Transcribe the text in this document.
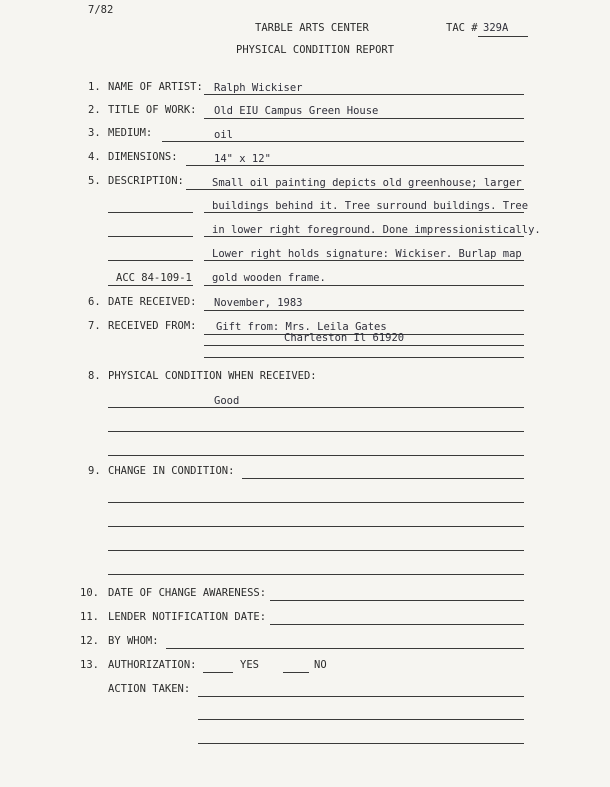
7/82
TARBLE ARTS CENTER	TAC # 329A
PHYSICAL CONDITION REPORT
1. NAME OF ARTIST: Ralph Wickiser
2. TITLE OF WORK: Old EIU Campus Green House
3. MEDIUM:	oil
4. DIMENSIONS:	14" x 12"
5. DESCRIPTION:	Small oil painting depicts old greenhouse; larger
buildings behind it. Tree surround buildings. Tree
in lower right foreground. Done impressionistically.
Lower right holds signature: Wickiser. Burlap map
ACC 84-109-1 gold wooden frame.
6. DATE RECEIVED: November, 1983
7. RECEIVED FROM: Gift from: Mrs. Leila Gates
Charleston Il 61920
8. PHYSICAL CONDITION WHEN RECEIVED:
Good
9. CHANGE IN CONDITION:
10. DATE OF CHANGE AWARENESS:
11. LENDER NOTIFICATION DATE:
12. BY WHOM:
13. AUTHORIZATION:	YES	NO
ACTION TAKEN:
